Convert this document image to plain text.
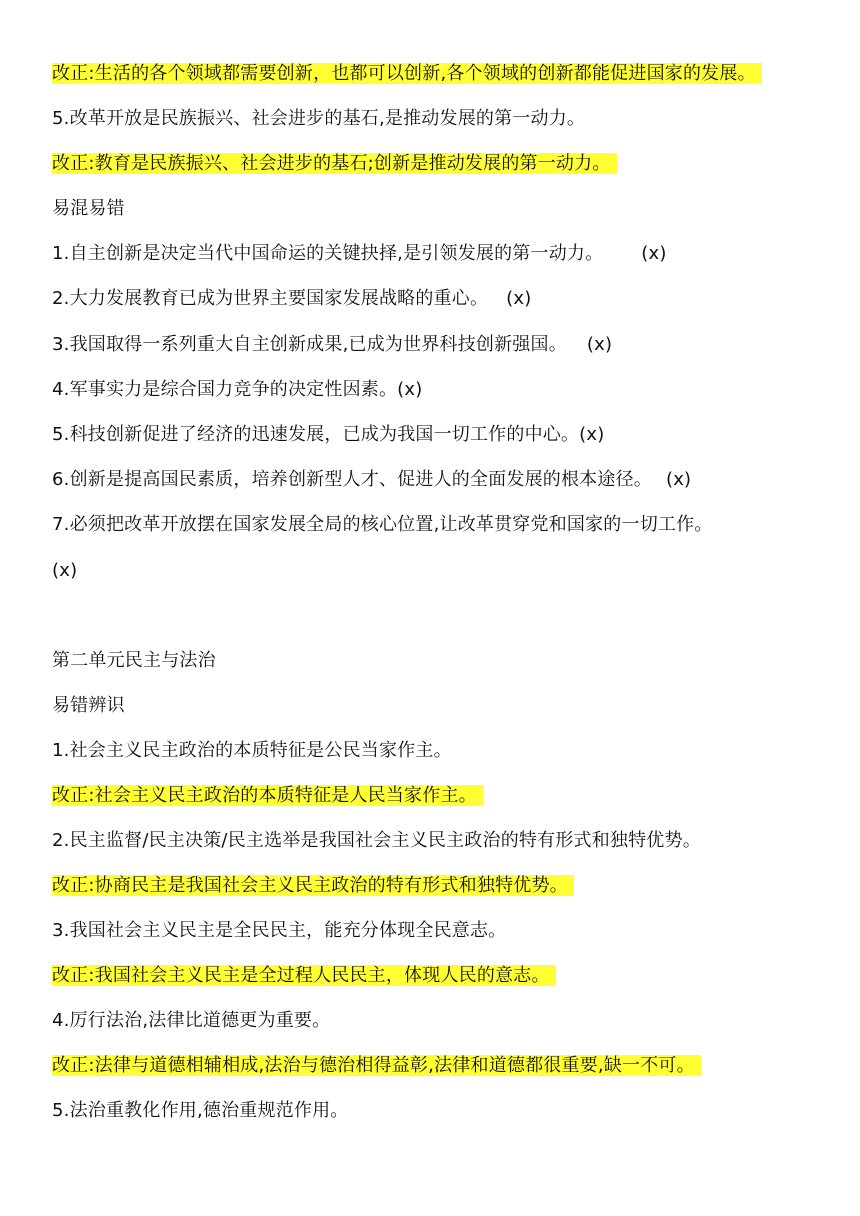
改正:生活的各个领域都需要创新，也都可以创新,各个领域的创新都能促进国家的发展。
5.改革开放是民族振兴、社会进步的基石,是推动发展的第一动力。
改正:教育是民族振兴、社会进步的基石;创新是推动发展的第一动力。
易混易错
1.自主创新是决定当代中国命运的关键抉择,是引领发展的第一动力。 (x)
2.大力发展教育已成为世界主要国家发展战略的重心。 (x)
3.我国取得一系列重大自主创新成果,已成为世界科技创新强国。 (x)
4.军事实力是综合国力竞争的决定性因素。(x)
5.科技创新促进了经济的迅速发展，已成为我国一切工作的中心。(x)
6.创新是提高国民素质，培养创新型人才、促进人的全面发展的根本途径。 (x)
7.必须把改革开放摆在国家发展全局的核心位置,让改革贯穿党和国家的一切工作。
(x)
第二单元民主与法治
易错辨识
1.社会主义民主政治的本质特征是公民当家作主。
改正:社会主义民主政治的本质特征是人民当家作主。
2.民主监督/民主决策/民主选举是我国社会主义民主政治的特有形式和独特优势。
改正:协商民主是我国社会主义民主政治的特有形式和独特优势。
3.我国社会主义民主是全民民主，能充分体现全民意志。
改正:我国社会主义民主是全过程人民民主，体现人民的意志。
4.厉行法治,法律比道德更为重要。
改正:法律与道德相辅相成,法治与德治相得益彰,法律和道德都很重要,缺一不可。
5.法治重教化作用,德治重规范作用。
